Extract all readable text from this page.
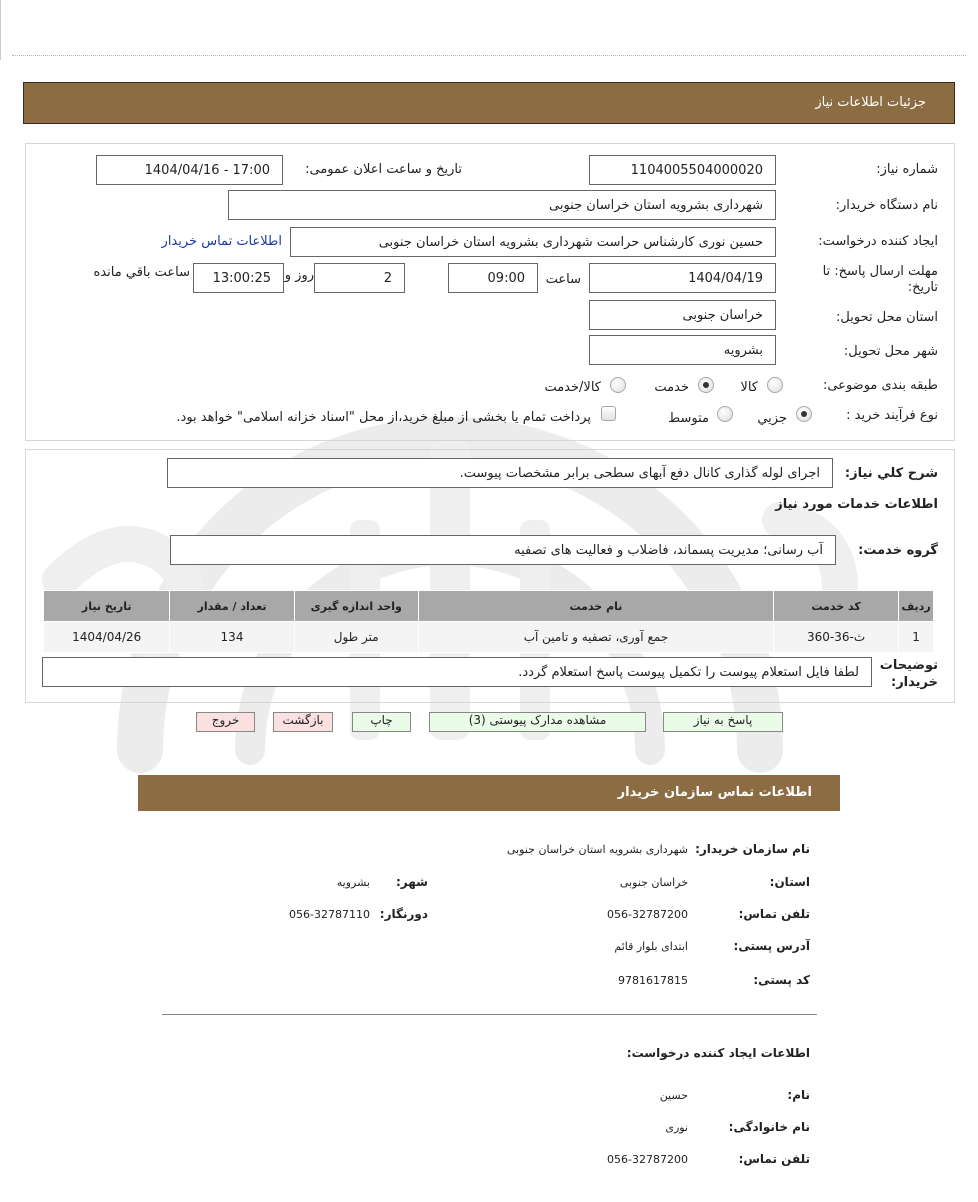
جزئیات اطلاعات نیاز
شماره نیاز:
1104005504000020
تاریخ و ساعت اعلان عمومی:
1404/04/16 - 17:00
نام دستگاه خریدار:
شهرداری بشرویه استان خراسان جنوبی
ایجاد کننده درخواست:
حسین نوری کارشناس حراست شهرداری بشرویه استان خراسان جنوبی
اطلاعات تماس خریدار
مهلت ارسال پاسخ: تا
تاریخ:
1404/04/19
ساعت
09:00
2
روز و
13:00:25
ساعت باقي مانده
استان محل تحویل:
خراسان جنوبی
شهر محل تحویل:
بشرویه
طبقه بندی موضوعی:
کالا
خدمت
کالا/خدمت
نوع فرآیند خرید :
جزيي
متوسط
پرداخت تمام یا بخشی از مبلغ خرید،از محل "اسناد خزانه اسلامی" خواهد بود.
شرح كلي نياز:
اجرای لوله گذاری کانال دفع آبهای سطحی برابر مشخصات پیوست.
اطلاعات خدمات مورد نیاز
گروه خدمت:
آب رسانی؛ مدیریت پسماند، فاضلاب و فعالیت های تصفیه
ردیف	کد خدمت	نام خدمت	واحد اندازه گیری	تعداد / مقدار	تاریخ نیاز
1	ث-36-360	جمع آوری، تصفیه و تامین آب	متر طول	134	1404/04/26
توضیحات
خریدار:
لطفا فایل استعلام پیوست را تکمیل پیوست پاسخ استعلام گردد.
پاسخ به نیاز
مشاهده مدارک پیوستی (3)
چاپ
بازگشت
خروج
اطلاعات تماس سازمان خریدار
نام سازمان خریدار:
شهرداری بشرویه استان خراسان جنوبی
استان:
خراسان جنوبی
شهر:
بشرویه
تلفن تماس:
056-32787200
دورنگار:
056-32787110
آدرس پستی:
ابتدای بلوار قائم
کد پستی:
9781617815
اطلاعات ایجاد کننده درخواست:
نام:
حسین
نام خانوادگی:
نوری
تلفن تماس:
056-32787200
